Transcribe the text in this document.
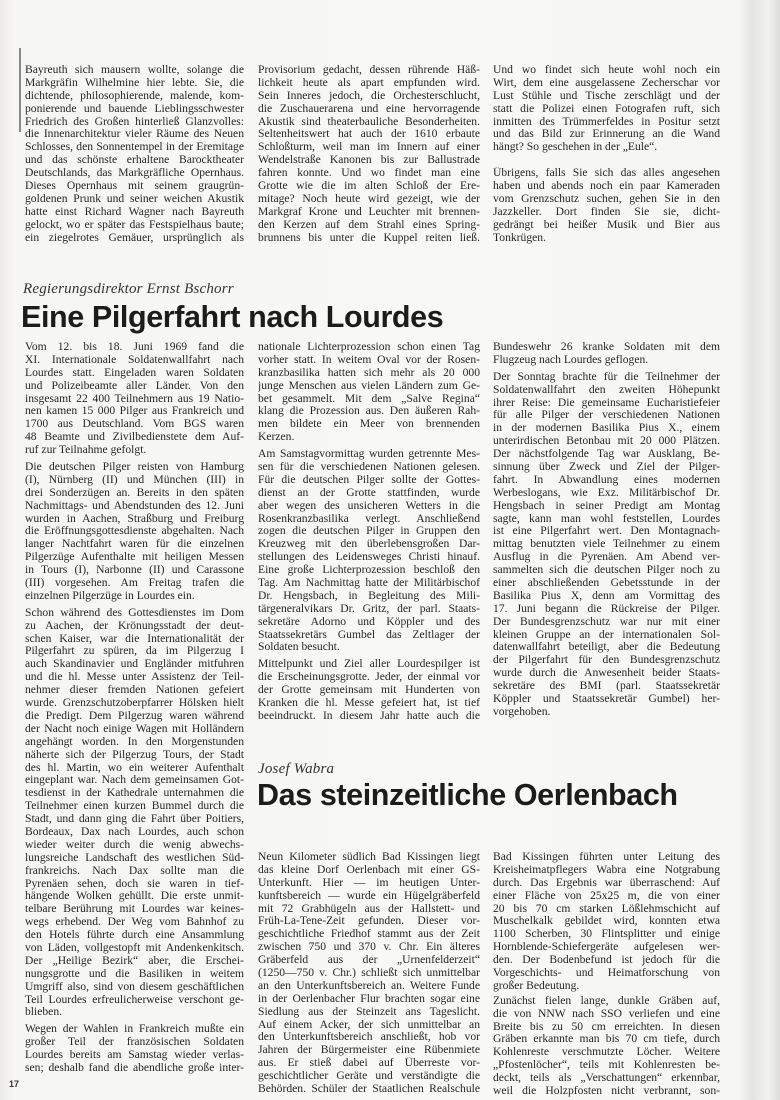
Bayreuth sich mausern wollte, solange die
Markgräfin Wilhelmine hier lebte. Sie, die
dichtende, philosophierende, malende, kom-
ponierende und bauende Lieblingsschwester
Friedrich des Großen hinterließ Glanzvolles:
die Innenarchitektur vieler Räume des Neuen
Schlosses, den Sonnentempel in der Eremitage
und das schönste erhaltene Barocktheater
Deutschlands, das Markgräfliche Opernhaus.
Dieses Opernhaus mit seinem graugrün-
goldenen Prunk und seiner weichen Akustik
hatte einst Richard Wagner nach Bayreuth
gelockt, wo er später das Festspielhaus baute;
ein ziegelrotes Gemäuer, ursprünglich als
Provisorium gedacht, dessen rührende Häß-
lichkeit heute als apart empfunden wird.
Sein Inneres jedoch, die Orchesterschlucht,
die Zuschauerarena und eine hervorragende
Akustik sind theaterbauliche Besonderheiten.
Seltenheitswert hat auch der 1610 erbaute
Schloßturm, weil man im Innern auf einer
Wendelstraße Kanonen bis zur Ballustrade
fahren konnte. Und wo findet man eine
Grotte wie die im alten Schloß der Ere-
mitage? Noch heute wird gezeigt, wie der
Markgraf Krone und Leuchter mit brennen-
den Kerzen auf dem Strahl eines Spring-
brunnens bis unter die Kuppel reiten ließ.
Und wo findet sich heute wohl noch ein
Wirt, dem eine ausgelassene Zecherschar vor
Lust Stühle und Tische zerschlägt und der
statt die Polizei einen Fotografen ruft, sich
inmitten des Trümmerfeldes in Positur setzt
und das Bild zur Erinnerung an die Wand
hängt? So geschehen in der „Eule“.
Übrigens, falls Sie sich das alles angesehen
haben und abends noch ein paar Kameraden
vom Grenzschutz suchen, gehen Sie in den
Jazzkeller. Dort finden Sie sie, dicht-
gedrängt bei heißer Musik und Bier aus
Tonkrügen.
Regierungsdirektor Ernst Bschorr
Eine Pilgerfahrt nach Lourdes
Vom 12. bis 18. Juni 1969 fand die
XI. Internationale Soldatenwallfahrt nach
Lourdes statt. Eingeladen waren Soldaten
und Polizeibeamte aller Länder. Von den
insgesamt 22 400 Teilnehmern aus 19 Natio-
nen kamen 15 000 Pilger aus Frankreich und
1700 aus Deutschland. Vom BGS waren
48 Beamte und Zivilbedienstete dem Auf-
ruf zur Teilnahme gefolgt.
Die deutschen Pilger reisten von Hamburg
(I), Nürnberg (II) und München (III) in
drei Sonderzügen an. Bereits in den späten
Nachmittags- und Abendstunden des 12. Juni
wurden in Aachen, Straßburg und Freiburg
die Eröffnungsgottesdienste abgehalten. Nach
langer Nachtfahrt waren für die einzelnen
Pilgerzüge Aufenthalte mit heiligen Messen
in Tours (I), Narbonne (II) und Carassone
(III) vorgesehen. Am Freitag trafen die
einzelnen Pilgerzüge in Lourdes ein.
Schon während des Gottesdienstes im Dom
zu Aachen, der Krönungsstadt der deut-
schen Kaiser, war die Internationalität der
Pilgerfahrt zu spüren, da im Pilgerzug I
auch Skandinavier und Engländer mitfuhren
und die hl. Messe unter Assistenz der Teil-
nehmer dieser fremden Nationen gefeiert
wurde. Grenzschutzoberpfarrer Hölsken hielt
die Predigt. Dem Pilgerzug waren während
der Nacht noch einige Wagen mit Holländern
angehängt worden. In den Morgenstunden
näherte sich der Pilgerzug Tours, der Stadt
des hl. Martin, wo ein weiterer Aufenthalt
eingeplant war. Nach dem gemeinsamen Got-
tesdienst in der Kathedrale unternahmen die
Teilnehmer einen kurzen Bummel durch die
Stadt, und dann ging die Fahrt über Poitiers,
Bordeaux, Dax nach Lourdes, auch schon
wieder weiter durch die wenig abwechs-
lungsreiche Landschaft des westlichen Süd-
frankreichs. Nach Dax sollte man die
Pyrenäen sehen, doch sie waren in tief-
hängende Wolken gehüllt. Die erste unmit-
telbare Berührung mit Lourdes war keines-
wegs erhebend. Der Weg vom Bahnhof zu
den Hotels führte durch eine Ansammlung
von Läden, vollgestopft mit Andenkenkitsch.
Der „Heilige Bezirk“ aber, die Erschei-
nungsgrotte und die Basiliken in weitem
Umgriff also, sind von diesem geschäftlichen
Teil Lourdes erfreulicherweise verschont ge-
blieben.
Wegen der Wahlen in Frankreich mußte ein
großer Teil der französischen Soldaten
Lourdes bereits am Samstag wieder verlas-
sen; deshalb fand die abendliche große inter-
nationale Lichterprozession schon einen Tag
vorher statt. In weitem Oval vor der Rosen-
kranzbasilika hatten sich mehr als 20 000
junge Menschen aus vielen Ländern zum Ge-
bet gesammelt. Mit dem „Salve Regina“
klang die Prozession aus. Den äußeren Rah-
men bildete ein Meer von brennenden
Kerzen.
Am Samstagvormittag wurden getrennte Mes-
sen für die verschiedenen Nationen gelesen.
Für die deutschen Pilger sollte der Gottes-
dienst an der Grotte stattfinden, wurde
aber wegen des unsicheren Wetters in die
Rosenkranzbasilika verlegt. Anschließend
zogen die deutschen Pilger in Gruppen den
Kreuzweg mit den überlebensgroßen Dar-
stellungen des Leidensweges Christi hinauf.
Eine große Lichterprozession beschloß den
Tag. Am Nachmittag hatte der Militärbischof
Dr. Hengsbach, in Begleitung des Mili-
tärgeneralvikars Dr. Gritz, der parl. Staats-
sekretäre Adorno und Köppler und des
Staatssekretärs Gumbel das Zeltlager der
Soldaten besucht.
Mittelpunkt und Ziel aller Lourdespilger ist
die Erscheinungsgrotte. Jeder, der einmal vor
der Grotte gemeinsam mit Hunderten von
Kranken die hl. Messe gefeiert hat, ist tief
beeindruckt. In diesem Jahr hatte auch die
Bundeswehr 26 kranke Soldaten mit dem
Flugzeug nach Lourdes geflogen.
Der Sonntag brachte für die Teilnehmer der
Soldatenwallfahrt den zweiten Höhepunkt
ihrer Reise: Die gemeinsame Eucharistiefeier
für alle Pilger der verschiedenen Nationen
in der modernen Basilika Pius X., einem
unterirdischen Betonbau mit 20 000 Plätzen.
Der nächstfolgende Tag war Ausklang, Be-
sinnung über Zweck und Ziel der Pilger-
fahrt. In Abwandlung eines modernen
Werbeslogans, wie Exz. Militärbischof Dr.
Hengsbach in seiner Predigt am Montag
sagte, kann man wohl feststellen, Lourdes
ist eine Pilgerfahrt wert. Den Montagnach-
mittag benutzten viele Teilnehmer zu einem
Ausflug in die Pyrenäen. Am Abend ver-
sammelten sich die deutschen Pilger noch zu
einer abschließenden Gebetsstunde in der
Basilika Pius X, denn am Vormittag des
17. Juni begann die Rückreise der Pilger.
Der Bundesgrenzschutz war nur mit einer
kleinen Gruppe an der internationalen Sol-
datenwallfahrt beteiligt, aber die Bedeutung
der Pilgerfahrt für den Bundesgrenzschutz
wurde durch die Anwesenheit beider Staats-
sekretäre des BMI (parl. Staatssekretär
Köppler und Staatssekretär Gumbel) her-
vorgehoben.
Josef Wabra
Das steinzeitliche Oerlenbach
Neun Kilometer südlich Bad Kissingen liegt
das kleine Dorf Oerlenbach mit einer GS-
Unterkunft. Hier — im heutigen Unter-
kunftsbereich — wurde ein Hügelgräberfeld
mit 72 Grabhügeln aus der Hallstett- und
Früh-La-Tene-Zeit gefunden. Dieser vor-
geschichtliche Friedhof stammt aus der Zeit
zwischen 750 und 370 v. Chr. Ein älteres
Gräberfeld aus der „Urnenfelderzeit“
(1250—750 v. Chr.) schließt sich unmittelbar
an den Unterkunftsbereich an. Weitere Funde
in der Oerlenbacher Flur brachten sogar eine
Siedlung aus der Steinzeit ans Tageslicht.
Auf einem Acker, der sich unmittelbar an
den Unterkunftsbereich anschließt, hob vor
Jahren der Bürgermeister eine Rübenmiete
aus. Er stieß dabei auf Überreste vor-
geschichtlicher Geräte und verständigte die
Behörden. Schüler der Staatlichen Realschule
Bad Kissingen führten unter Leitung des
Kreisheimatpflegers Wabra eine Notgrabung
durch. Das Ergebnis war überraschend: Auf
einer Fläche von 25x25 m, die von einer
20 bis 70 cm starken Lößlehmschicht auf
Muschelkalk gebildet wird, konnten etwa
1100 Scherben, 30 Flintsplitter und einige
Hornblende-Schiefergeräte aufgelesen wer-
den. Der Bodenbefund ist jedoch für die
Vorgeschichts- und Heimatforschung von
großer Bedeutung.
Zunächst fielen lange, dunkle Gräben auf,
die von NNW nach SSO verliefen und eine
Breite bis zu 50 cm erreichten. In diesen
Gräben erkannte man bis 70 cm tiefe, durch
Kohlenreste verschmutzte Löcher. Weitere
„Pfostenlöcher“, teils mit Kohlenresten be-
deckt, teils als „Verschattungen“ erkennbar,
weil die Holzpfosten nicht verbrannt, son-
17
